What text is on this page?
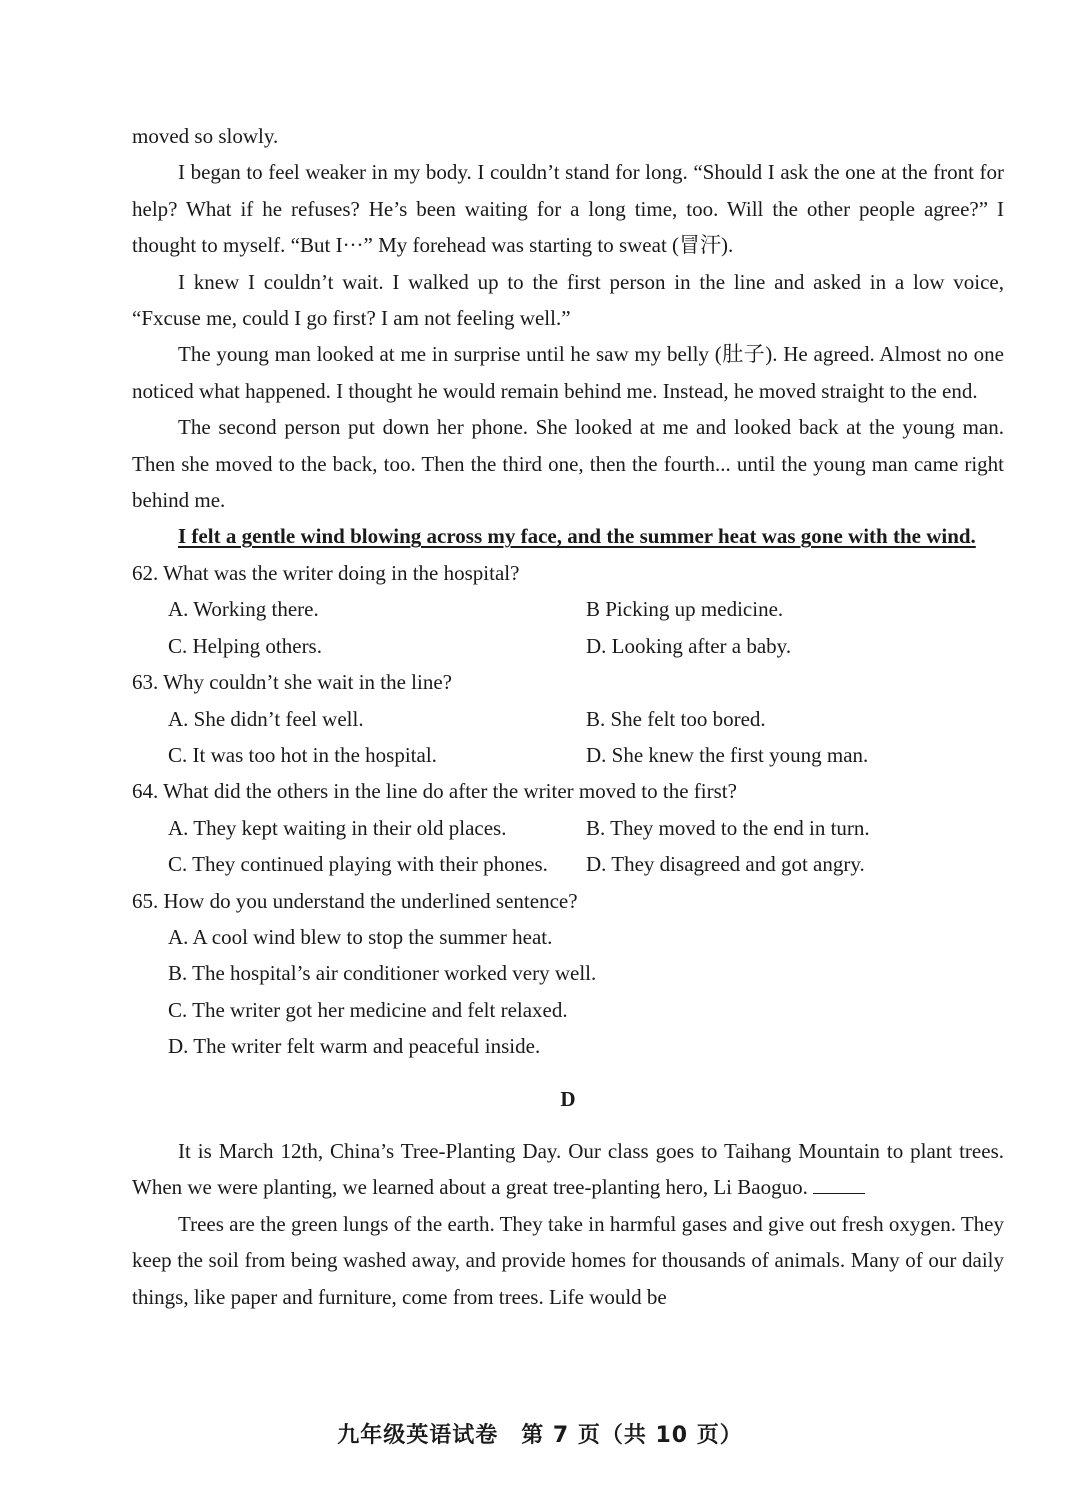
moved so slowly.

I began to feel weaker in my body. I couldn’t stand for long. “Should I ask the one at the front for help? What if he refuses? He’s been waiting for a long time, too. Will the other people agree?” I thought to myself. “But I···” My forehead was starting to sweat (冒汗).

I knew I couldn’t wait. I walked up to the first person in the line and asked in a low voice, “Fxcuse me, could I go first? I am not feeling well.”

The young man looked at me in surprise until he saw my belly (肚子). He agreed. Almost no one noticed what happened. I thought he would remain behind me. Instead, he moved straight to the end.

The second person put down her phone. She looked at me and looked back at the young man. Then she moved to the back, too. Then the third one, then the fourth... until the young man came right behind me.

I felt a gentle wind blowing across my face, and the summer heat was gone with the wind.

62. What was the writer doing in the hospital?

A. Working there.	B Picking up medicine.
C. Helping others.	D. Looking after a baby.

63. Why couldn’t she wait in the line?

A. She didn’t feel well.	B. She felt too bored.
C. It was too hot in the hospital.	D. She knew the first young man.

64. What did the others in the line do after the writer moved to the first?

A. They kept waiting in their old places.	B. They moved to the end in turn.
C. They continued playing with their phones.	D. They disagreed and got angry.

65. How do you understand the underlined sentence?

A. A cool wind blew to stop the summer heat.

B. The hospital’s air conditioner worked very well.

C. The writer got her medicine and felt relaxed.

D. The writer felt warm and peaceful inside.

D

It is March 12th, China’s Tree-Planting Day. Our class goes to Taihang Mountain to plant trees. When we were planting, we learned about a great tree-planting hero, Li Baoguo.

Trees are the green lungs of the earth. They take in harmful gases and give out fresh oxygen. They keep the soil from being washed away, and provide homes for thousands of animals. Many of our daily things, like paper and furniture, come from trees. Life would be

九年级英语试卷　第 7 页（共 10 页）
